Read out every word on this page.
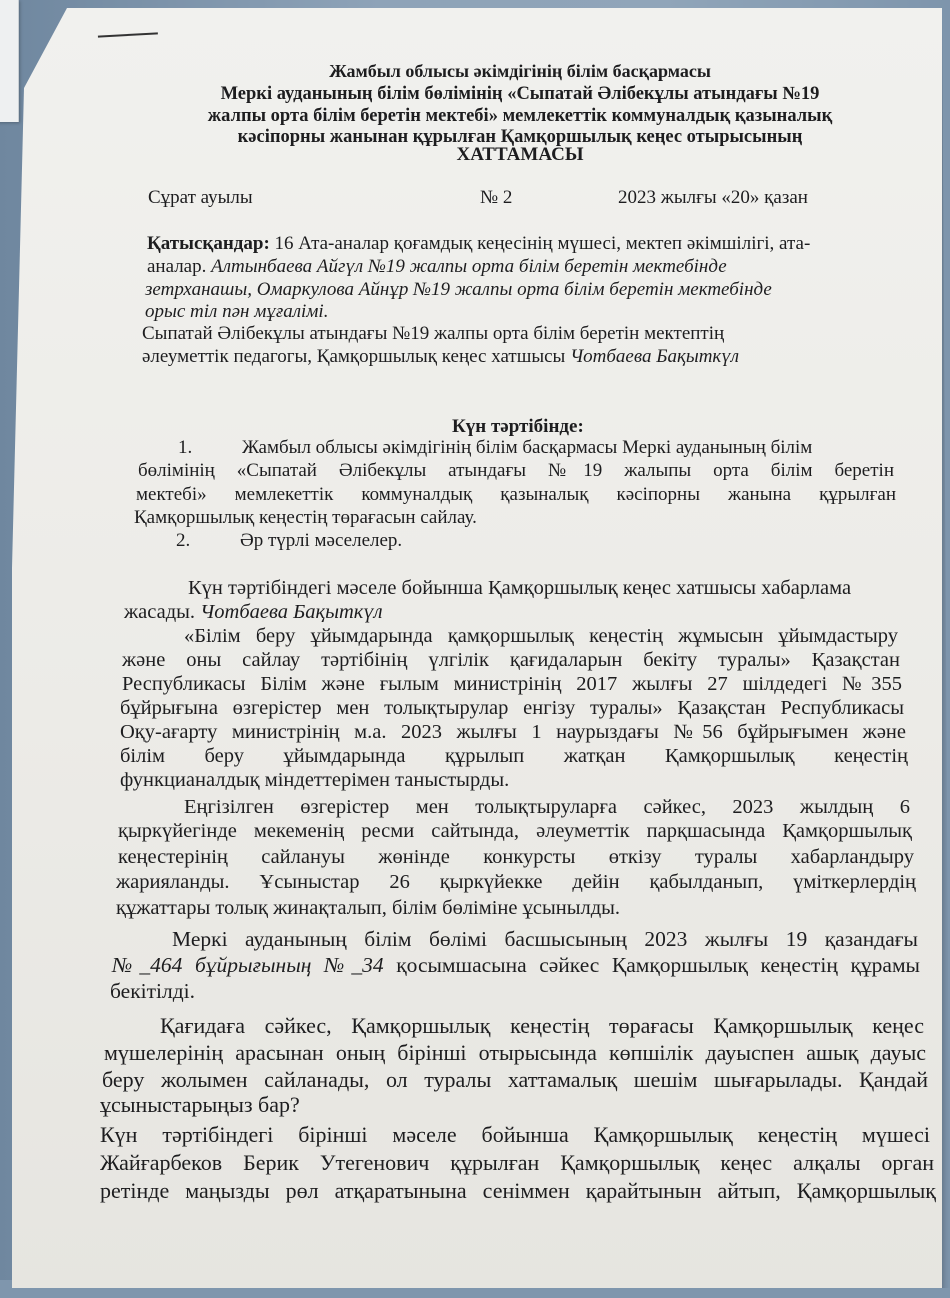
Жамбыл облысы әкімдігінің білім басқармасы
Меркі ауданының білім бөлімінің «Сыпатай Әлібекұлы атындағы №19
жалпы орта білім беретін мектебі» мемлекеттік коммуналдық қазыналық
кәсіпорны жанынан құрылған Қамқоршылық кеңес отырысының
ХАТТАМАСЫ
Сұрат ауылы	№ 2	2023 жылғы «20» қазан
Қатысқандар: 16 Ата-аналар қоғамдық кеңесінің мүшесі, мектеп әкімшілігі, ата-
аналар. Алтынбаева Айгүл №19 жалпы орта білім беретін мектебінде
зетрханашы, Омаркулова Айнұр №19 жалпы орта білім беретін мектебінде
орыс тіл пән мұғалімі.
Сыпатай Әлібекұлы атындағы №19 жалпы орта білім беретін мектептің
әлеуметтік педагогы, Қамқоршылық кеңес хатшысы Чотбаева Бақыткүл
Күн тәртібінде:
1.	Жамбыл облысы әкімдігінің білім басқармасы Меркі ауданының білім
бөлімінің «Сыпатай Әлібекұлы атындағы №19 жалыпы орта білім беретін
мектебі» мемлекеттік коммуналдық қазыналық кәсіпорны жанына құрылған
Қамқоршылық кеңестің төрағасын сайлау.
2.	Әр түрлі мәселелер.
Күн тәртібіндегі мәселе бойынша Қамқоршылық кеңес хатшысы хабарлама
жасады. Чотбаева Бақыткүл
«Білім беру ұйымдарында қамқоршылық кеңестің жұмысын ұйымдастыру
және оны сайлау тәртібінің үлгілік қағидаларын бекіту туралы» Қазақстан
Республикасы Білім және ғылым министрінің 2017 жылғы 27 шілдедегі №355
бұйрығына өзгерістер мен толықтырулар енгізу туралы» Қазақстан Республикасы
Оқу-ағарту министрінің м.а. 2023 жылғы 1 наурыздағы №56 бұйрығымен және
білім беру ұйымдарында құрылып жатқан Қамқоршылық кеңестің
функцианалдық міндеттерімен таныстырды.
Еңгізілген өзгерістер мен толықтыруларға сәйкес, 2023 жылдың 6
қыркүйегінде мекеменің ресми сайтында, әлеуметтік парқшасында Қамқоршылық
кеңестерінің сайлануы жөнінде конкурсты өткізу туралы хабарландыру
жарияланды. Ұсыныстар 26 қыркүйекке дейін қабылданып, үміткерлердің
құжаттары толық жинақталып, білім бөліміне ұсынылды.
Меркі ауданының білім бөлімі басшысының 2023 жылғы 19 қазандағы
№_464 бұйрығының №_34 қосымшасына сәйкес Қамқоршылық кеңестің құрамы
бекітілді.
Қағидаға сәйкес, Қамқоршылық кеңестің төрағасы Қамқоршылық кеңес
мүшелерінің арасынан оның бірінші отырысында көпшілік дауыспен ашық дауыс
беру жолымен сайланады, ол туралы хаттамалық шешім шығарылады. Қандай
ұсыныстарыңыз бар?
Күн тәртібіндегі бірінші мәселе бойынша Қамқоршылық кеңестің мүшесі
Жайғарбеков Берик Утегенович құрылған Қамқоршылық кеңес алқалы орган
ретінде маңызды рөл атқаратынына сеніммен қарайтынын айтып, Қамқоршылық
